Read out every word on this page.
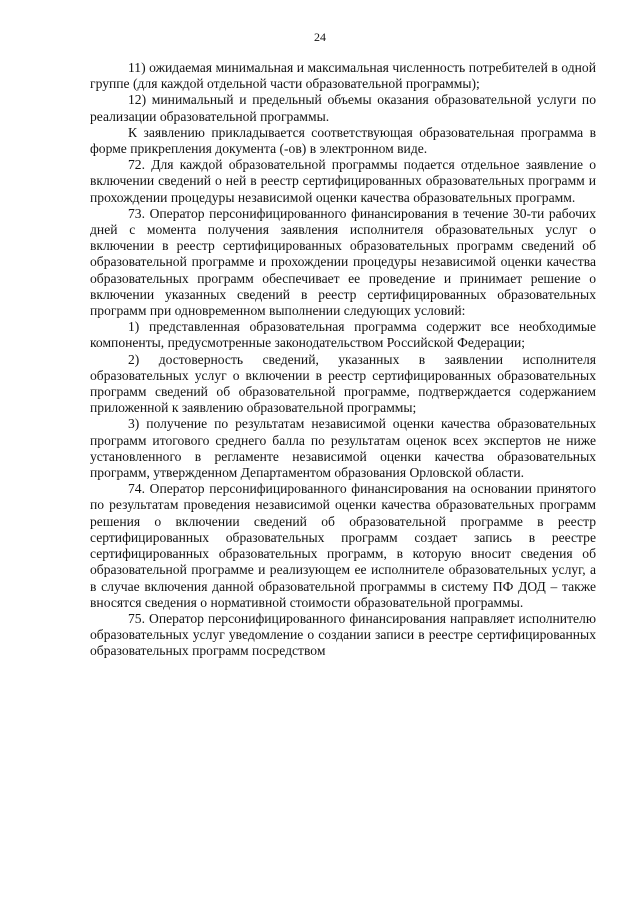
24

11) ожидаемая минимальная и максимальная численность потребителей в одной группе (для каждой отдельной части образовательной программы);

12) минимальный и предельный объемы оказания образовательной услуги по реализации образовательной программы.

К заявлению прикладывается соответствующая образовательная программа в форме прикрепления документа (-ов) в электронном виде.

72. Для каждой образовательной программы подается отдельное заявление о включении сведений о ней в реестр сертифицированных образовательных программ и прохождении процедуры независимой оценки качества образовательных программ.

73. Оператор персонифицированного финансирования в течение 30-ти рабочих дней с момента получения заявления исполнителя образовательных услуг о включении в реестр сертифицированных образовательных программ сведений об образовательной программе и прохождении процедуры независимой оценки качества образовательных программ обеспечивает ее проведение и принимает решение о включении указанных сведений в реестр сертифицированных образовательных программ при одновременном выполнении следующих условий:

1) представленная образовательная программа содержит все необходимые компоненты, предусмотренные законодательством Российской Федерации;

2) достоверность сведений, указанных в заявлении исполнителя образовательных услуг о включении в реестр сертифицированных образовательных программ сведений об образовательной программе, подтверждается содержанием приложенной к заявлению образовательной программы;

3) получение по результатам независимой оценки качества образовательных программ итогового среднего балла по результатам оценок всех экспертов не ниже установленного в регламенте независимой оценки качества образовательных программ, утвержденном Департаментом образования Орловской области.

74. Оператор персонифицированного финансирования на основании принятого по результатам проведения независимой оценки качества образовательных программ решения о включении сведений об образовательной программе в реестр сертифицированных образовательных программ создает запись в реестре сертифицированных образовательных программ, в которую вносит сведения об образовательной программе и реализующем ее исполнителе образовательных услуг, а в случае включения данной образовательной программы в систему ПФ ДОД – также вносятся сведения о нормативной стоимости образовательной программы.

75. Оператор персонифицированного финансирования направляет исполнителю образовательных услуг уведомление о создании записи в реестре сертифицированных образовательных программ посредством
